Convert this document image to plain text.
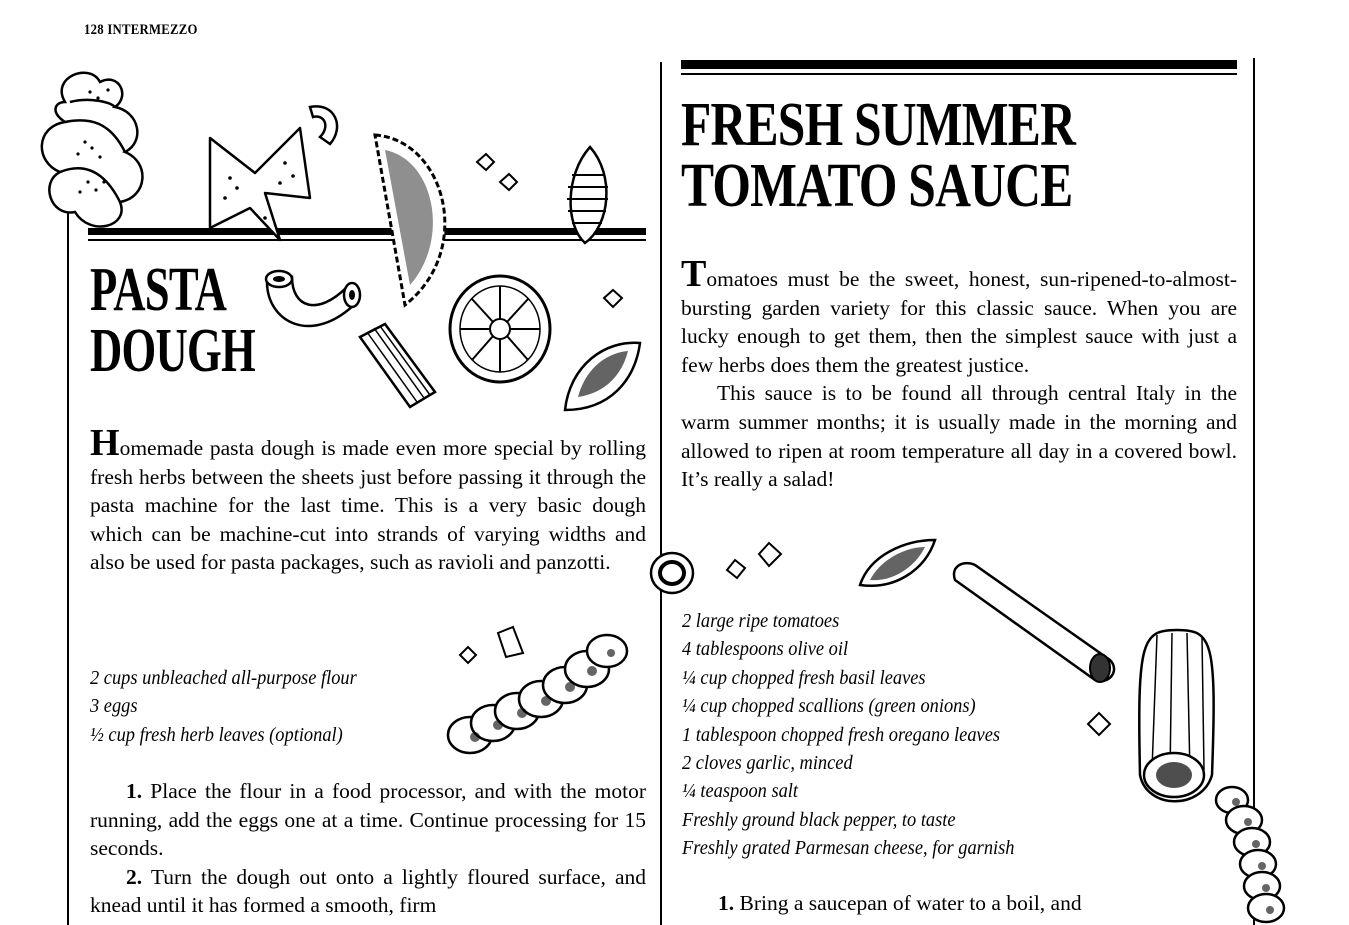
128 INTERMEZZO
PASTA
DOUGH

Homemade pasta dough is made even more special by rolling fresh herbs between the sheets just before passing it through the pasta machine for the last time. This is a very basic dough which can be machine-cut into strands of varying widths and also be used for pasta packages, such as ravioli and panzotti.

2 cups unbleached all-purpose flour
3 eggs
½ cup fresh herb leaves (optional)

1. Place the flour in a food processor, and with the motor running, add the eggs one at a time. Continue processing for 15 seconds.

2. Turn the dough out onto a lightly floured surface, and knead until it has formed a smooth, firm

FRESH SUMMER
TOMATO SAUCE

Tomatoes must be the sweet, honest, sun-ripened-to-almost-bursting garden variety for this classic sauce. When you are lucky enough to get them, then the simplest sauce with just a few herbs does them the greatest justice.

This sauce is to be found all through central Italy in the warm summer months; it is usually made in the morning and allowed to ripen at room temperature all day in a covered bowl. It’s really a salad!

2 large ripe tomatoes
4 tablespoons olive oil
¼ cup chopped fresh basil leaves
¼ cup chopped scallions (green onions)
1 tablespoon chopped fresh oregano leaves
2 cloves garlic, minced
¼ teaspoon salt
Freshly ground black pepper, to taste
Freshly grated Parmesan cheese, for garnish

1. Bring a saucepan of water to a boil, and
